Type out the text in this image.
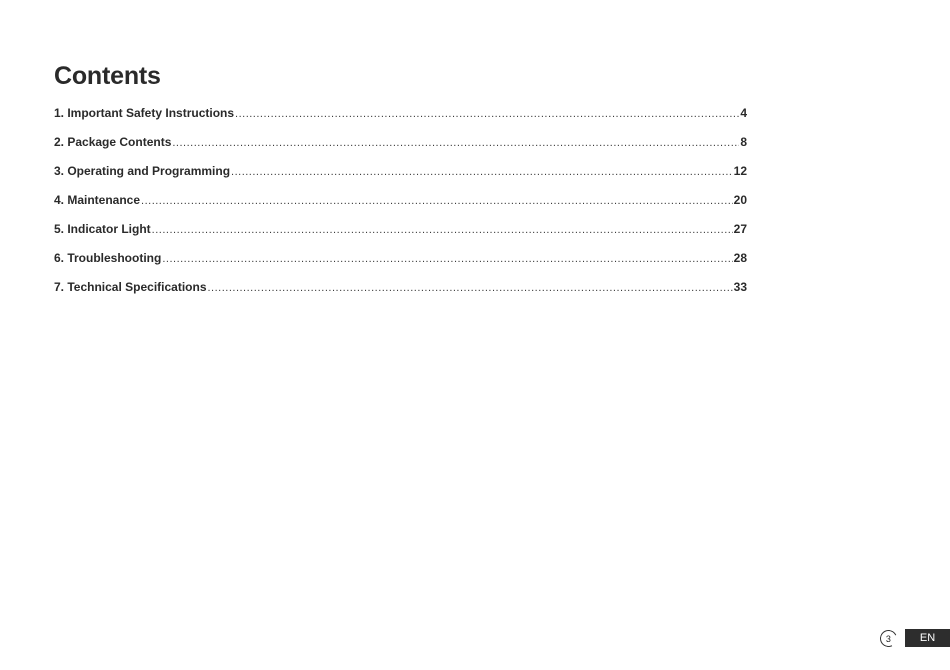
Contents
1. Important Safety Instructions .....	4
2. Package Contents .....	8
3. Operating and Programming .....	12
4. Maintenance .....	20
5. Indicator Light .....	27
6. Troubleshooting .....	28
7. Technical Specifications .....	33
3	EN
